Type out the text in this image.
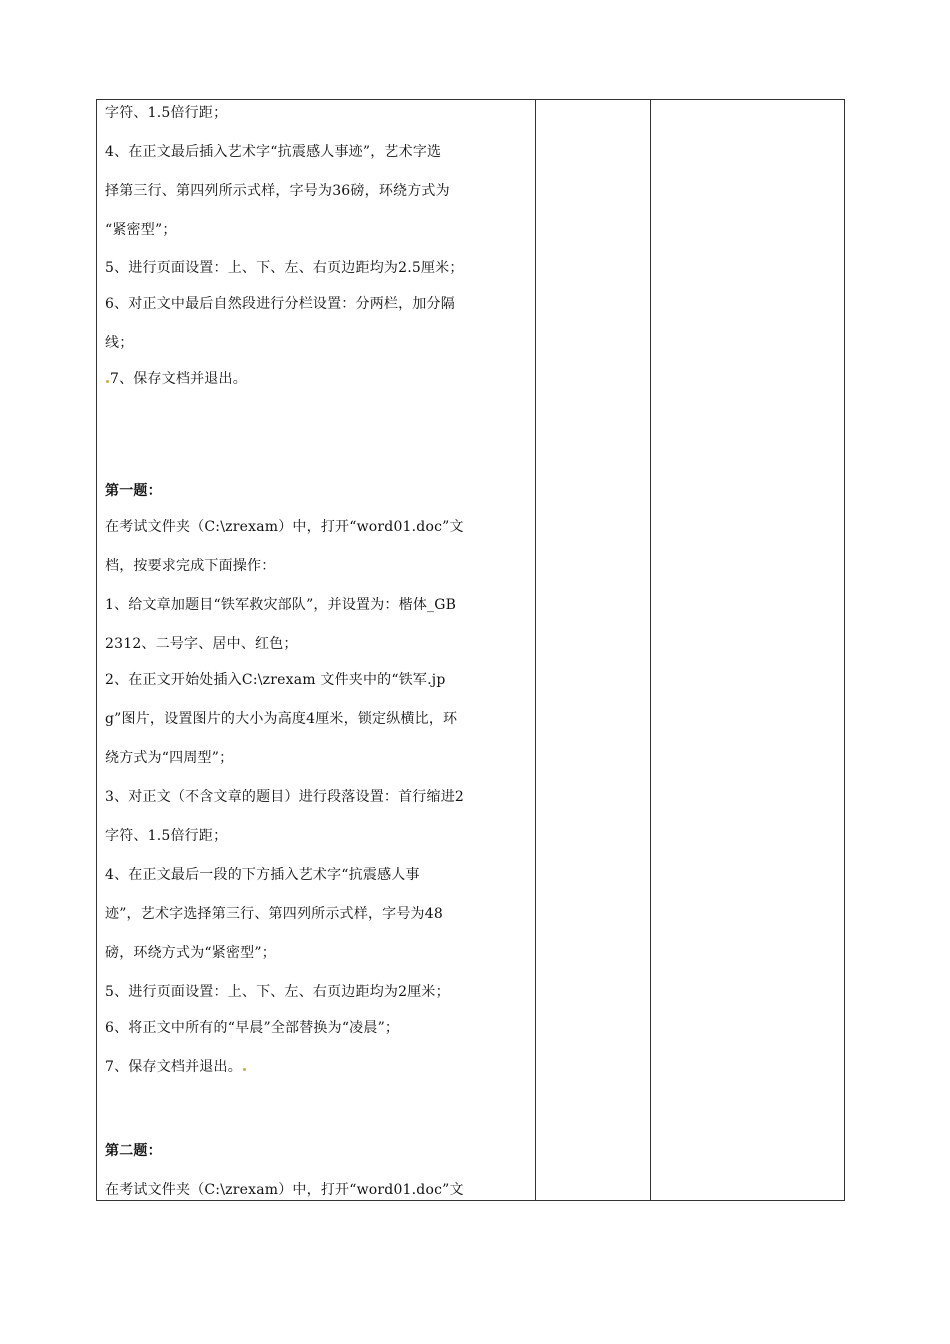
字符、1.5倍行距；
4、在正文最后插入艺术字“抗震感人事迹”，艺术字选
择第三行、第四列所示式样，字号为36磅，环绕方式为
“紧密型”；
5、进行页面设置：上、下、左、右页边距均为2.5厘米；
6、对正文中最后自然段进行分栏设置：分两栏，加分隔
线；
7、保存文档并退出。
第一题：
在考试文件夹（C:\zrexam）中，打开“word01.doc”文
档，按要求完成下面操作：
1、给文章加题目“铁军救灾部队”，并设置为：楷体_GB
2312、二号字、居中、红色；
2、在正文开始处插入C:\zrexam 文件夹中的“铁军.jp
g”图片，设置图片的大小为高度4厘米，锁定纵横比，环
绕方式为“四周型”；
3、对正文（不含文章的题目）进行段落设置：首行缩进2
字符、1.5倍行距；
4、在正文最后一段的下方插入艺术字“抗震感人事
迹”，艺术字选择第三行、第四列所示式样，字号为48
磅，环绕方式为“紧密型”；
5、进行页面设置：上、下、左、右页边距均为2厘米；
6、将正文中所有的“早晨”全部替换为“凌晨”；
7、保存文档并退出。
第二题：
在考试文件夹（C:\zrexam）中，打开“word01.doc”文
